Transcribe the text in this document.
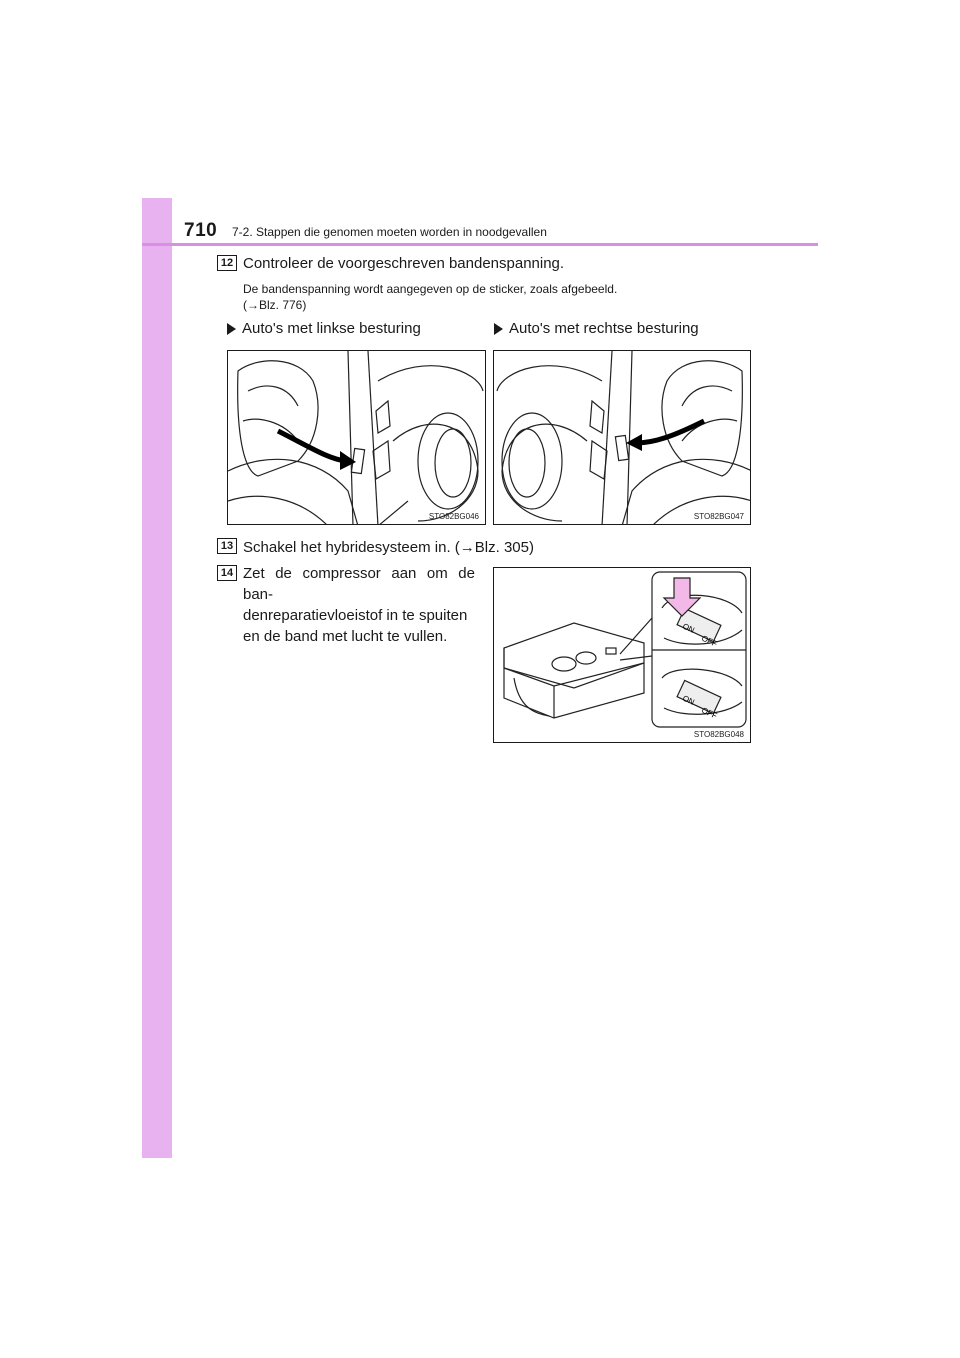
710 7-2. Stappen die genomen moeten worden in noodgevallen
12 Controleer de voorgeschreven bandenspanning.
De bandenspanning wordt aangegeven op de sticker, zoals afgebeeld.
(→Blz. 776)
Auto's met linkse besturing	Auto's met rechtse besturing
STO82BG046	STO82BG047
13 Schakel het hybridesysteem in. (→Blz. 305)
14 Zet de compressor aan om de ban-
denreparatievloeistof in te spuiten
en de band met lucht te vullen.	ON
OFF
ON
OFF
STO82BG048
